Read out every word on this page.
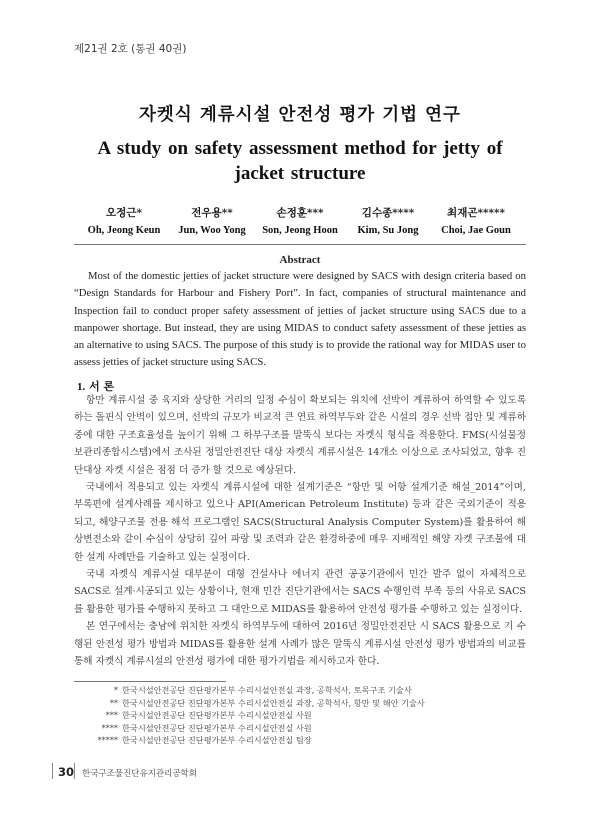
제21권 2호 (통권 40권)
자켓식 계류시설 안전성 평가 기법 연구
A study on safety assessment method for jetty of jacket structure
오정근*
Oh, Jeong Keun
전우용**
Jun, Woo Yong
손정훈***
Son, Jeong Hoon
김수종****
Kim, Su Jong
최재곤*****
Choi, Jae Goun
Abstract

Most of the domestic jetties of jacket structure were designed by SACS with design criteria based on “Design Standards for Harbour and Fishery Port”. In fact, companies of structural maintenance and Inspection fail to conduct proper safety assessment of jetties of jacket structure using SACS due to a manpower shortage. But instead, they are using MIDAS to conduct safety assessment of these jetties as an alternative to using SACS. The purpose of this study is to provide the rational way for MIDAS user to assess jetties of jacket structure using SACS.

1. 서 론

항만 계류시설 중 육지와 상당한 거리의 일정 수심이 확보되는 위치에 선박이 계류하여 하역할 수 있도록 하는 돌핀식 안벽이 있으며, 선박의 규모가 비교적 큰 연료 하역부두와 같은 시설의 경우 선박 접안 및 계류하중에 대한 구조효율성을 높이기 위해 그 하부구조를 말뚝식 보다는 자켓식 형식을 적용한다. FMS(시설물정보관리종합시스템)에서 조사된 정밀안전진단 대상 자켓식 계류시설은 14개소 이상으로 조사되었고, 향후 진단대상 자켓 시설은 점점 더 증가 할 것으로 예상된다.

국내에서 적용되고 있는 자켓식 계류시설에 대한 설계기준은 “항만 및 어항 설계기준 해설_2014”이며, 부록편에 설계사례를 제시하고 있으나 API(American Petroleum Institute) 등과 같은 국외기준이 적용되고, 해양구조물 전용 해석 프로그램인 SACS(Structural Analysis Computer System)를 활용하여 해상변전소와 같이 수심이 상당히 깊어 파랑 및 조력과 같은 환경하중에 매우 지배적인 해양 자켓 구조물에 대한 설계 사례만을 기술하고 있는 실정이다.

국내 자켓식 계류시설 대부분이 대형 건설사나 에너지 관련 공공기관에서 민간 발주 없이 자체적으로 SACS로 설계·시공되고 있는 상황이나, 현재 민간 진단기관에서는 SACS 수행인력 부족 등의 사유로 SACS를 활용한 평가를 수행하지 못하고 그 대안으로 MIDAS를 활용하여 안전성 평가를 수행하고 있는 실정이다.

본 연구에서는 충남에 위치한 자켓식 하역부두에 대하여 2016년 정밀안전진단 시 SACS 활용으로 기 수행된 안전성 평가 방법과 MIDAS를 활용한 설계 사례가 많은 말뚝식 계류시설 안전성 평가 방법과의 비교를 통해 자켓식 계류시설의 안전성 평가에 대한 평가기법을 제시하고자 한다.

* 한국시설안전공단 진단평가본부 수리시설안전실 과장, 공학석사, 토목구조 기술사
** 한국시설안전공단 진단평가본부 수리시설안전실 과장, 공학석사, 항만 및 해안 기술사
*** 한국시설안전공단 진단평가본부 수리시설안전실 사원
**** 한국시설안전공단 진단평가본부 수리시설안전실 사원
***** 한국시설안전공단 진단평가본부 수리시설안전실 팀장
30 한국구조물진단유지관리공학회
